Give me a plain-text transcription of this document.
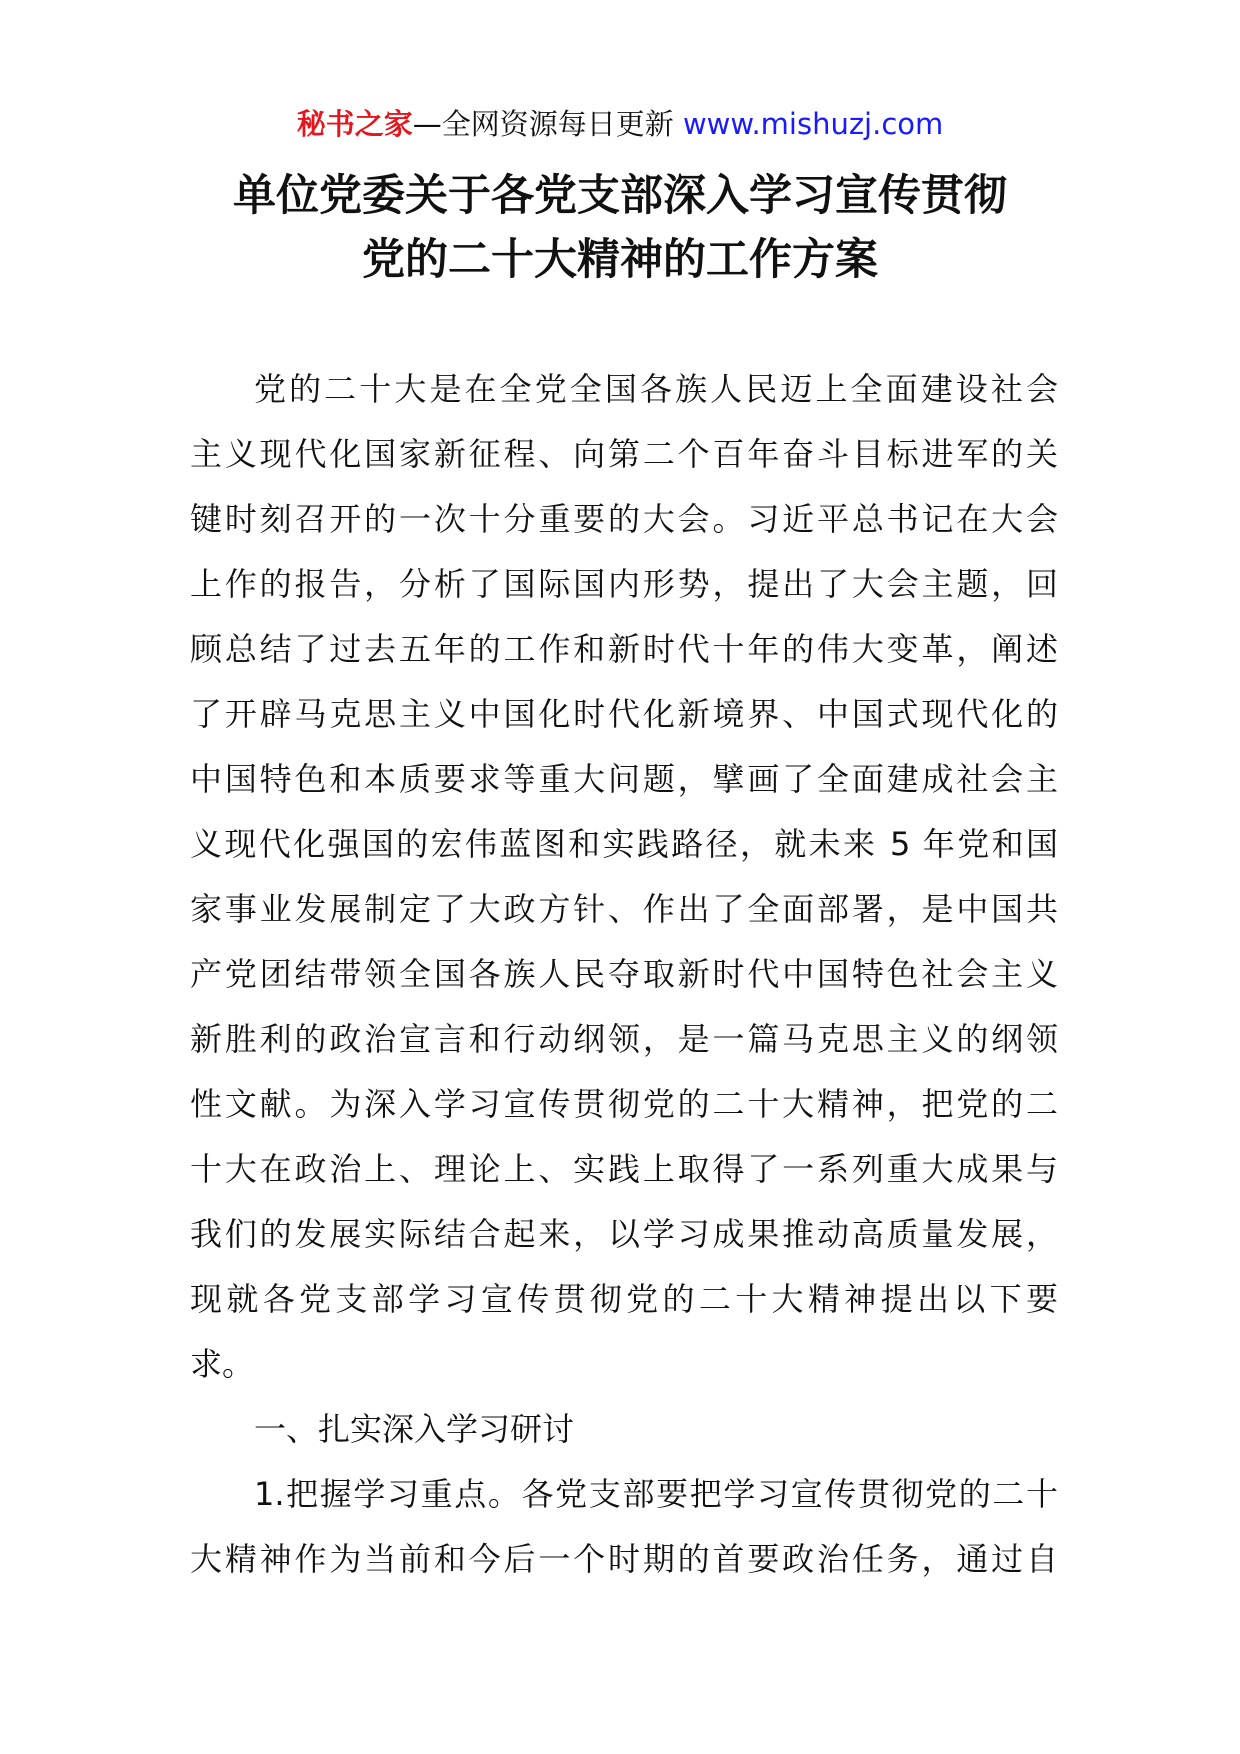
秘书之家—全网资源每日更新 www.mishuzj.com
单位党委关于各党支部深入学习宣传贯彻
党的二十大精神的工作方案
党的二十大是在全党全国各族人民迈上全面建设社会
主义现代化国家新征程、向第二个百年奋斗目标进军的关
键时刻召开的一次十分重要的大会。习近平总书记在大会
上作的报告，分析了国际国内形势，提出了大会主题，回
顾总结了过去五年的工作和新时代十年的伟大变革，阐述
了开辟马克思主义中国化时代化新境界、中国式现代化的
中国特色和本质要求等重大问题，擘画了全面建成社会主
义现代化强国的宏伟蓝图和实践路径，就未来 5 年党和国
家事业发展制定了大政方针、作出了全面部署，是中国共
产党团结带领全国各族人民夺取新时代中国特色社会主义
新胜利的政治宣言和行动纲领，是一篇马克思主义的纲领
性文献。为深入学习宣传贯彻党的二十大精神，把党的二
十大在政治上、理论上、实践上取得了一系列重大成果与
我们的发展实际结合起来，以学习成果推动高质量发展，
现就各党支部学习宣传贯彻党的二十大精神提出以下要
求。
一、扎实深入学习研讨
1.把握学习重点。各党支部要把学习宣传贯彻党的二十
大精神作为当前和今后一个时期的首要政治任务，通过自
